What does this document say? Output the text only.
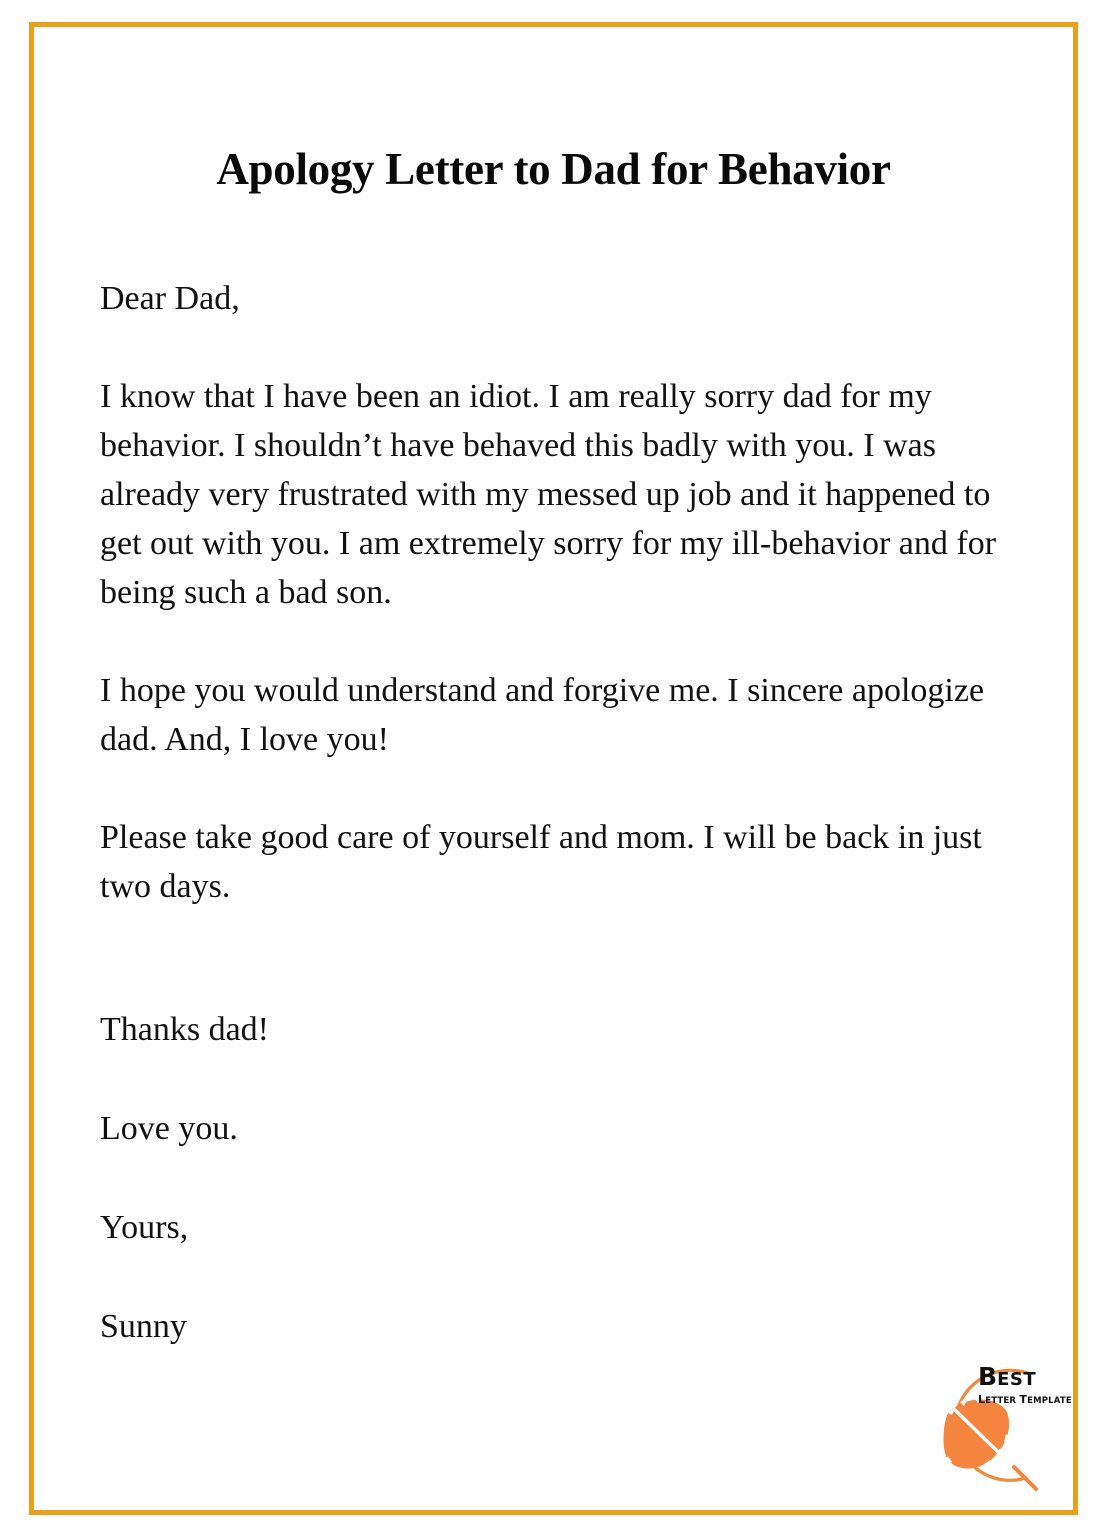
Apology Letter to Dad for Behavior
Dear Dad,
I know that I have been an idiot. I am really sorry dad for my behavior. I shouldn’t have behaved this badly with you. I was already very frustrated with my messed up job and it happened to get out with you. I am extremely sorry for my ill-behavior and for being such a bad son.
I hope you would understand and forgive me. I sincere apologize dad. And, I love you!
Please take good care of yourself and mom. I will be back in just two days.
Thanks dad!
Love you.
Yours,
Sunny
BEST
LETTER TEMPLATE
